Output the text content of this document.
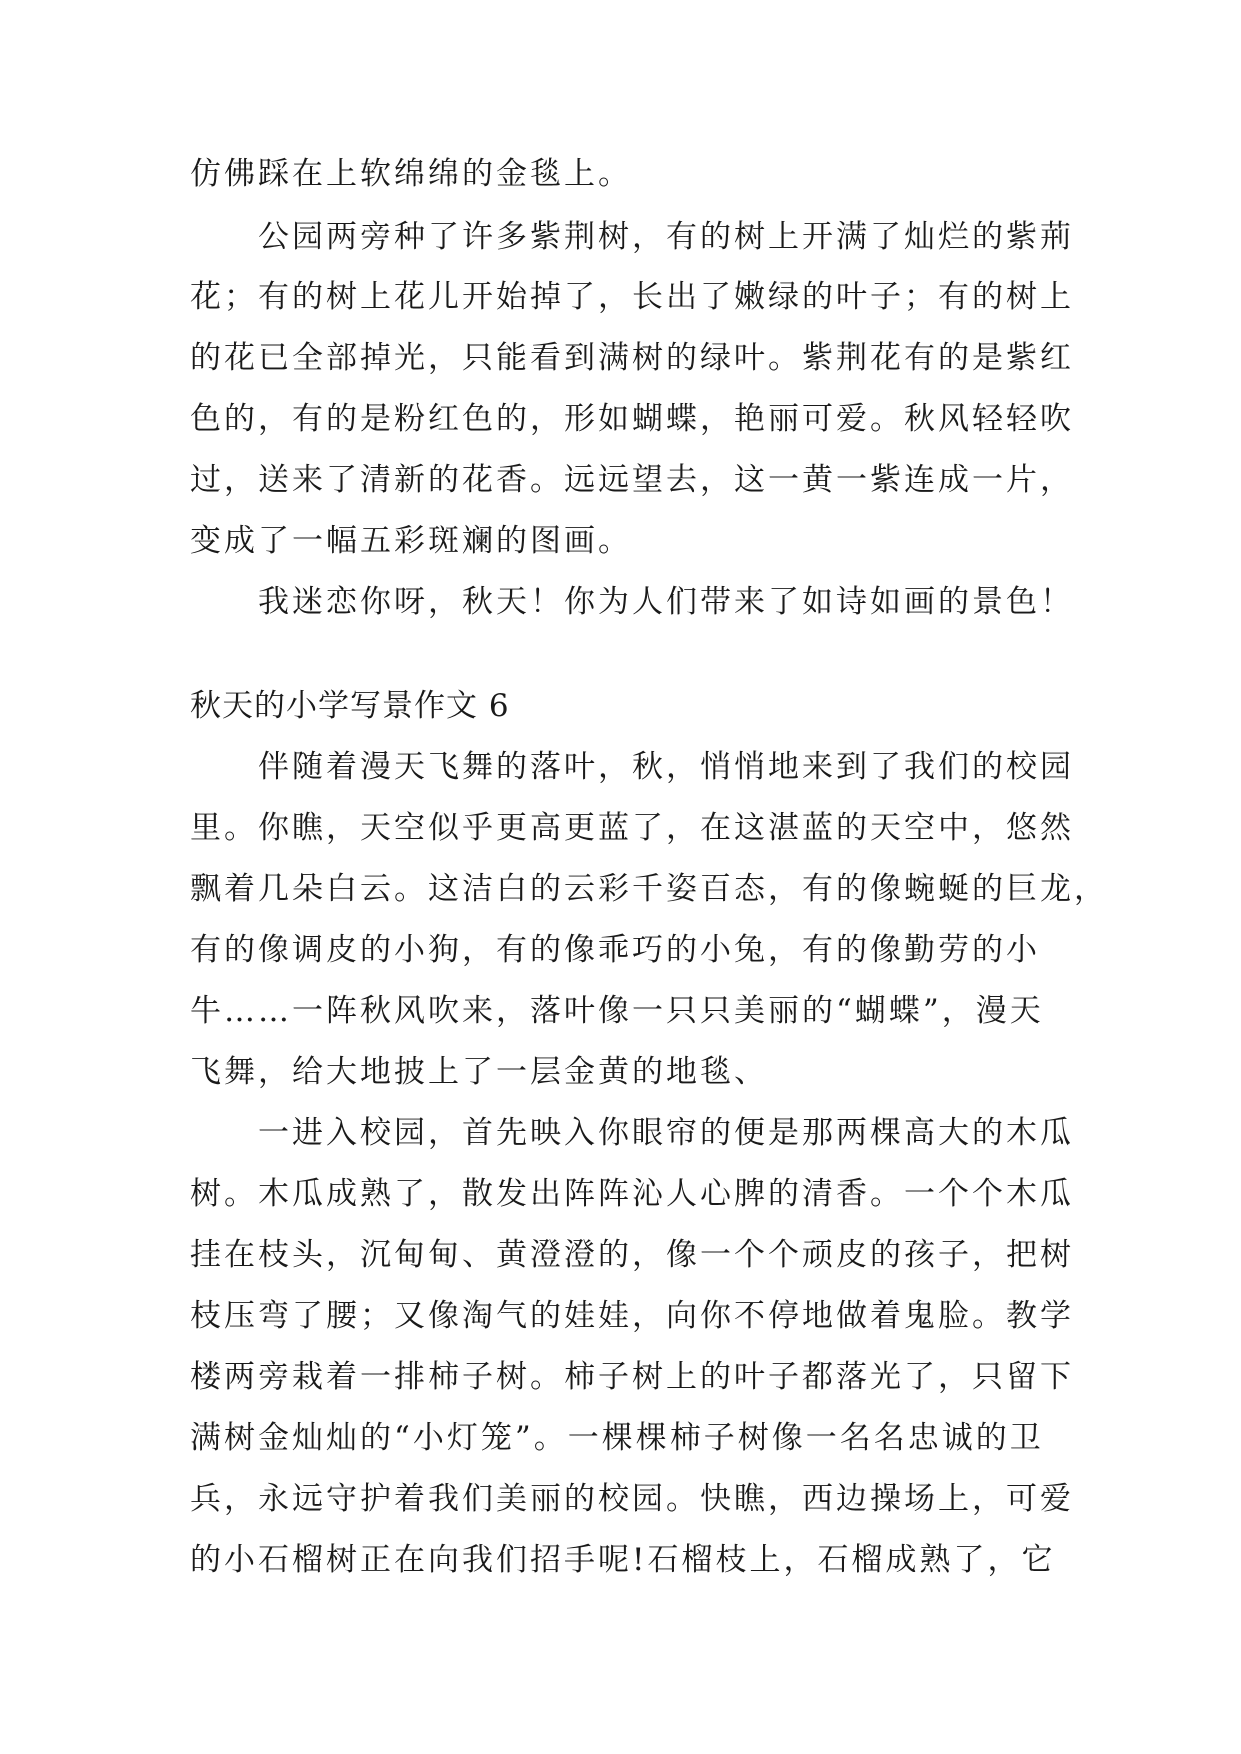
仿佛踩在上软绵绵的金毯上。
公园两旁种了许多紫荆树，有的树上开满了灿烂的紫荊
花；有的树上花儿开始掉了，长出了嫩绿的叶子；有的树上
的花已全部掉光，只能看到满树的绿叶。紫荆花有的是紫红
色的，有的是粉红色的，形如蝴蝶，艳丽可爱。秋风轻轻吹
过，送来了清新的花香。远远望去，这一黄一紫连成一片，
变成了一幅五彩斑斓的图画。
我迷恋你呀，秋天！你为人们带来了如诗如画的景色！
秋天的小学写景作文 6
伴随着漫天飞舞的落叶，秋，悄悄地来到了我们的校园
里。你瞧，天空似乎更高更蓝了，在这湛蓝的天空中，悠然
飘着几朵白云。这洁白的云彩千姿百态，有的像蜿蜒的巨龙，
有的像调皮的小狗，有的像乖巧的小兔，有的像勤劳的小
牛……一阵秋风吹来，落叶像一只只美丽的“蝴蝶”，漫天
飞舞，给大地披上了一层金黄的地毯、
一进入校园，首先映入你眼帘的便是那两棵高大的木瓜
树。木瓜成熟了，散发出阵阵沁人心脾的清香。一个个木瓜
挂在枝头，沉甸甸、黄澄澄的，像一个个顽皮的孩子，把树
枝压弯了腰；又像淘气的娃娃，向你不停地做着鬼脸。教学
楼两旁栽着一排柿子树。柿子树上的叶子都落光了，只留下
满树金灿灿的“小灯笼”。一棵棵柿子树像一名名忠诚的卫
兵，永远守护着我们美丽的校园。快瞧，西边操场上，可爱
的小石榴树正在向我们招手呢!石榴枝上，石榴成熟了，它
